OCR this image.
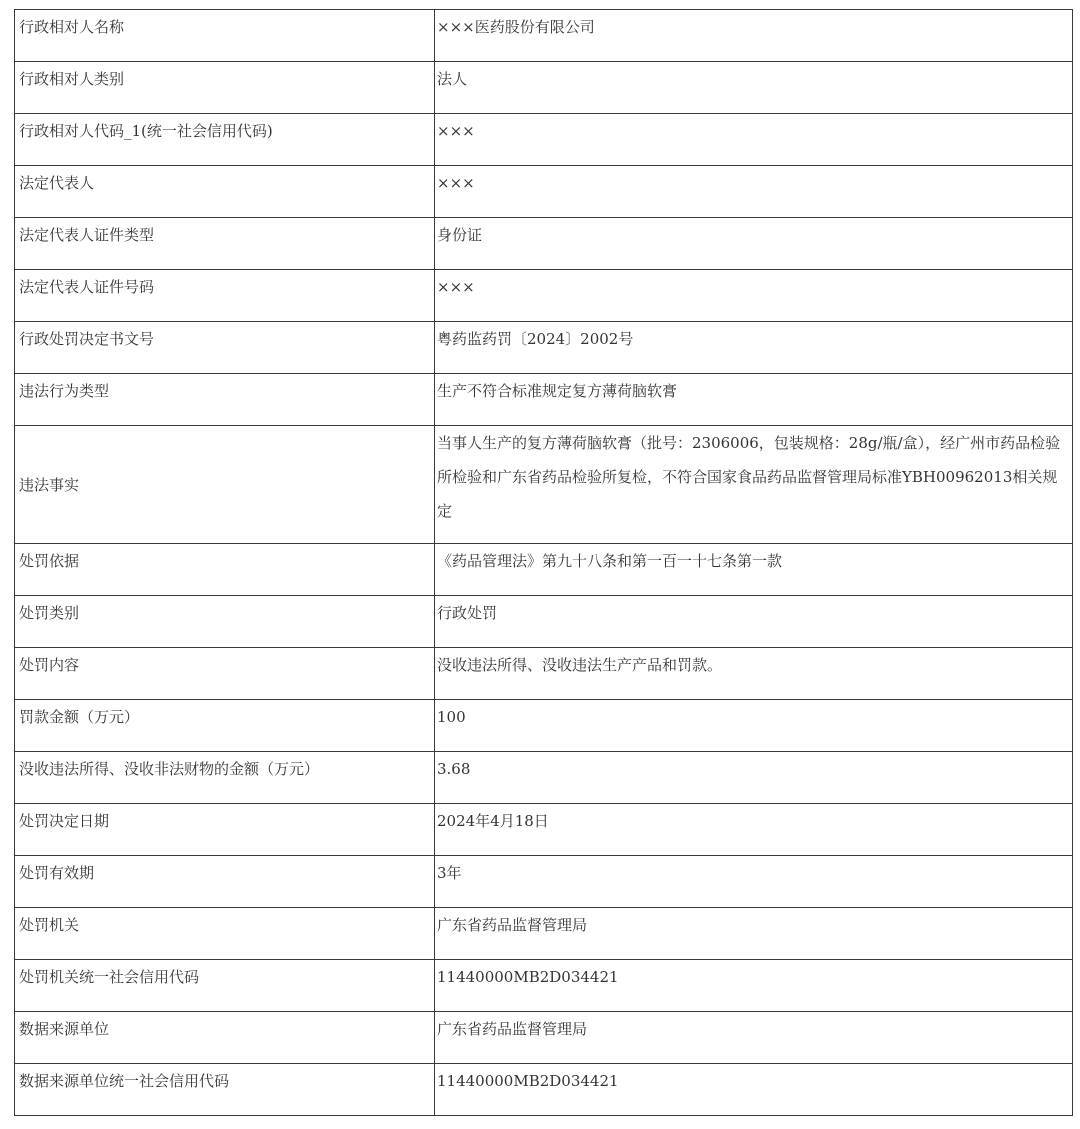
行政相对人名称	×××医药股份有限公司
行政相对人类别	法人
行政相对人代码_1(统一社会信用代码)	×××
法定代表人	×××
法定代表人证件类型	身份证
法定代表人证件号码	×××
行政处罚决定书文号	粤药监药罚〔2024〕2002号
违法行为类型	生产不符合标准规定复方薄荷脑软膏
违法事实	当事人生产的复方薄荷脑软膏（批号：2306006，包装规格：28g/瓶/盒），经广州市药品检验所检验和广东省药品检验所复检，不符合国家食品药品监督管理局标准YBH00962013相关规定
处罚依据	《药品管理法》第九十八条和第一百一十七条第一款
处罚类别	行政处罚
处罚内容	没收违法所得、没收违法生产产品和罚款。
罚款金额（万元）	100
没收违法所得、没收非法财物的金额（万元）	3.68
处罚决定日期	2024年4月18日
处罚有效期	3年
处罚机关	广东省药品监督管理局
处罚机关统一社会信用代码	11440000MB2D034421
数据来源单位	广东省药品监督管理局
数据来源单位统一社会信用代码	11440000MB2D034421
